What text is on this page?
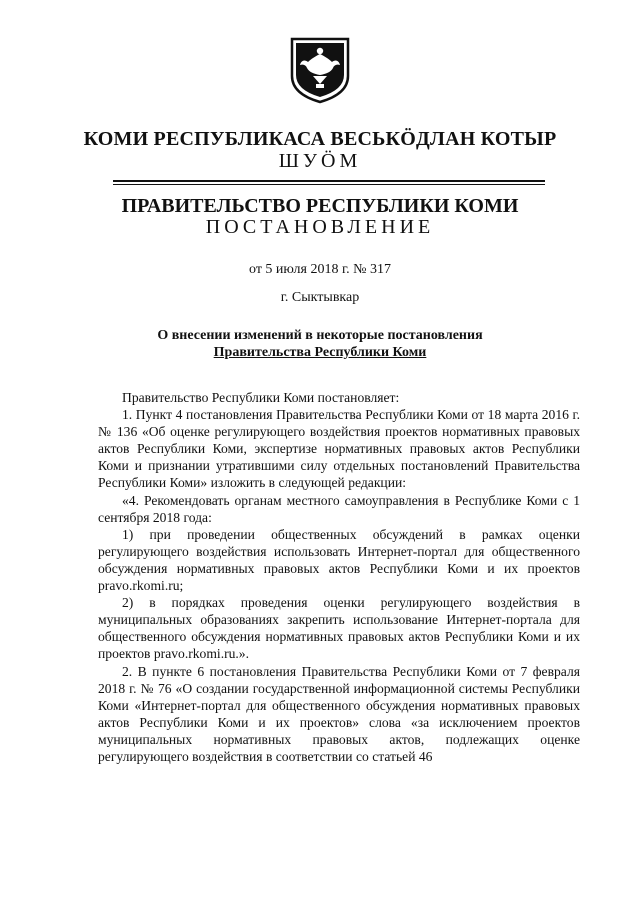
КОМИ РЕСПУБЛИКАСА ВЕСЬКӦДЛАН КОТЫР
ШУӦМ
ПРАВИТЕЛЬСТВО РЕСПУБЛИКИ КОМИ
ПОСТАНОВЛЕНИЕ
от 5 июля 2018 г. № 317
г. Сыктывкар
О внесении изменений в некоторые постановления
Правительства Республики Коми

Правительство Республики Коми постановляет:

1. Пункт 4 постановления Правительства Республики Коми от 18 марта 2016 г. № 136 «Об оценке регулирующего воздействия проектов нормативных правовых актов Республики Коми, экспертизе нормативных правовых актов Республики Коми и признании утратившими силу отдельных постановлений Правительства Республики Коми» изложить в следующей редакции:

«4. Рекомендовать органам местного самоуправления в Республике Коми с 1 сентября 2018 года:

1) при проведении общественных обсуждений в рамках оценки регулирующего воздействия использовать Интернет-портал для общественного обсуждения нормативных правовых актов Республики Коми и их проектов pravo.rkomi.ru;

2) в порядках проведения оценки регулирующего воздействия в муниципальных образованиях закрепить использование Интернет-портала для общественного обсуждения нормативных правовых актов Республики Коми и их проектов pravo.rkomi.ru.».

2. В пункте 6 постановления Правительства Республики Коми от 7 февраля 2018 г. № 76 «О создании государственной информационной системы Республики Коми «Интернет-портал для общественного обсуждения нормативных правовых актов Республики Коми и их проектов» слова «за исключением проектов муниципальных нормативных правовых актов, подлежащих оценке регулирующего воздействия в соответствии со статьей 46
